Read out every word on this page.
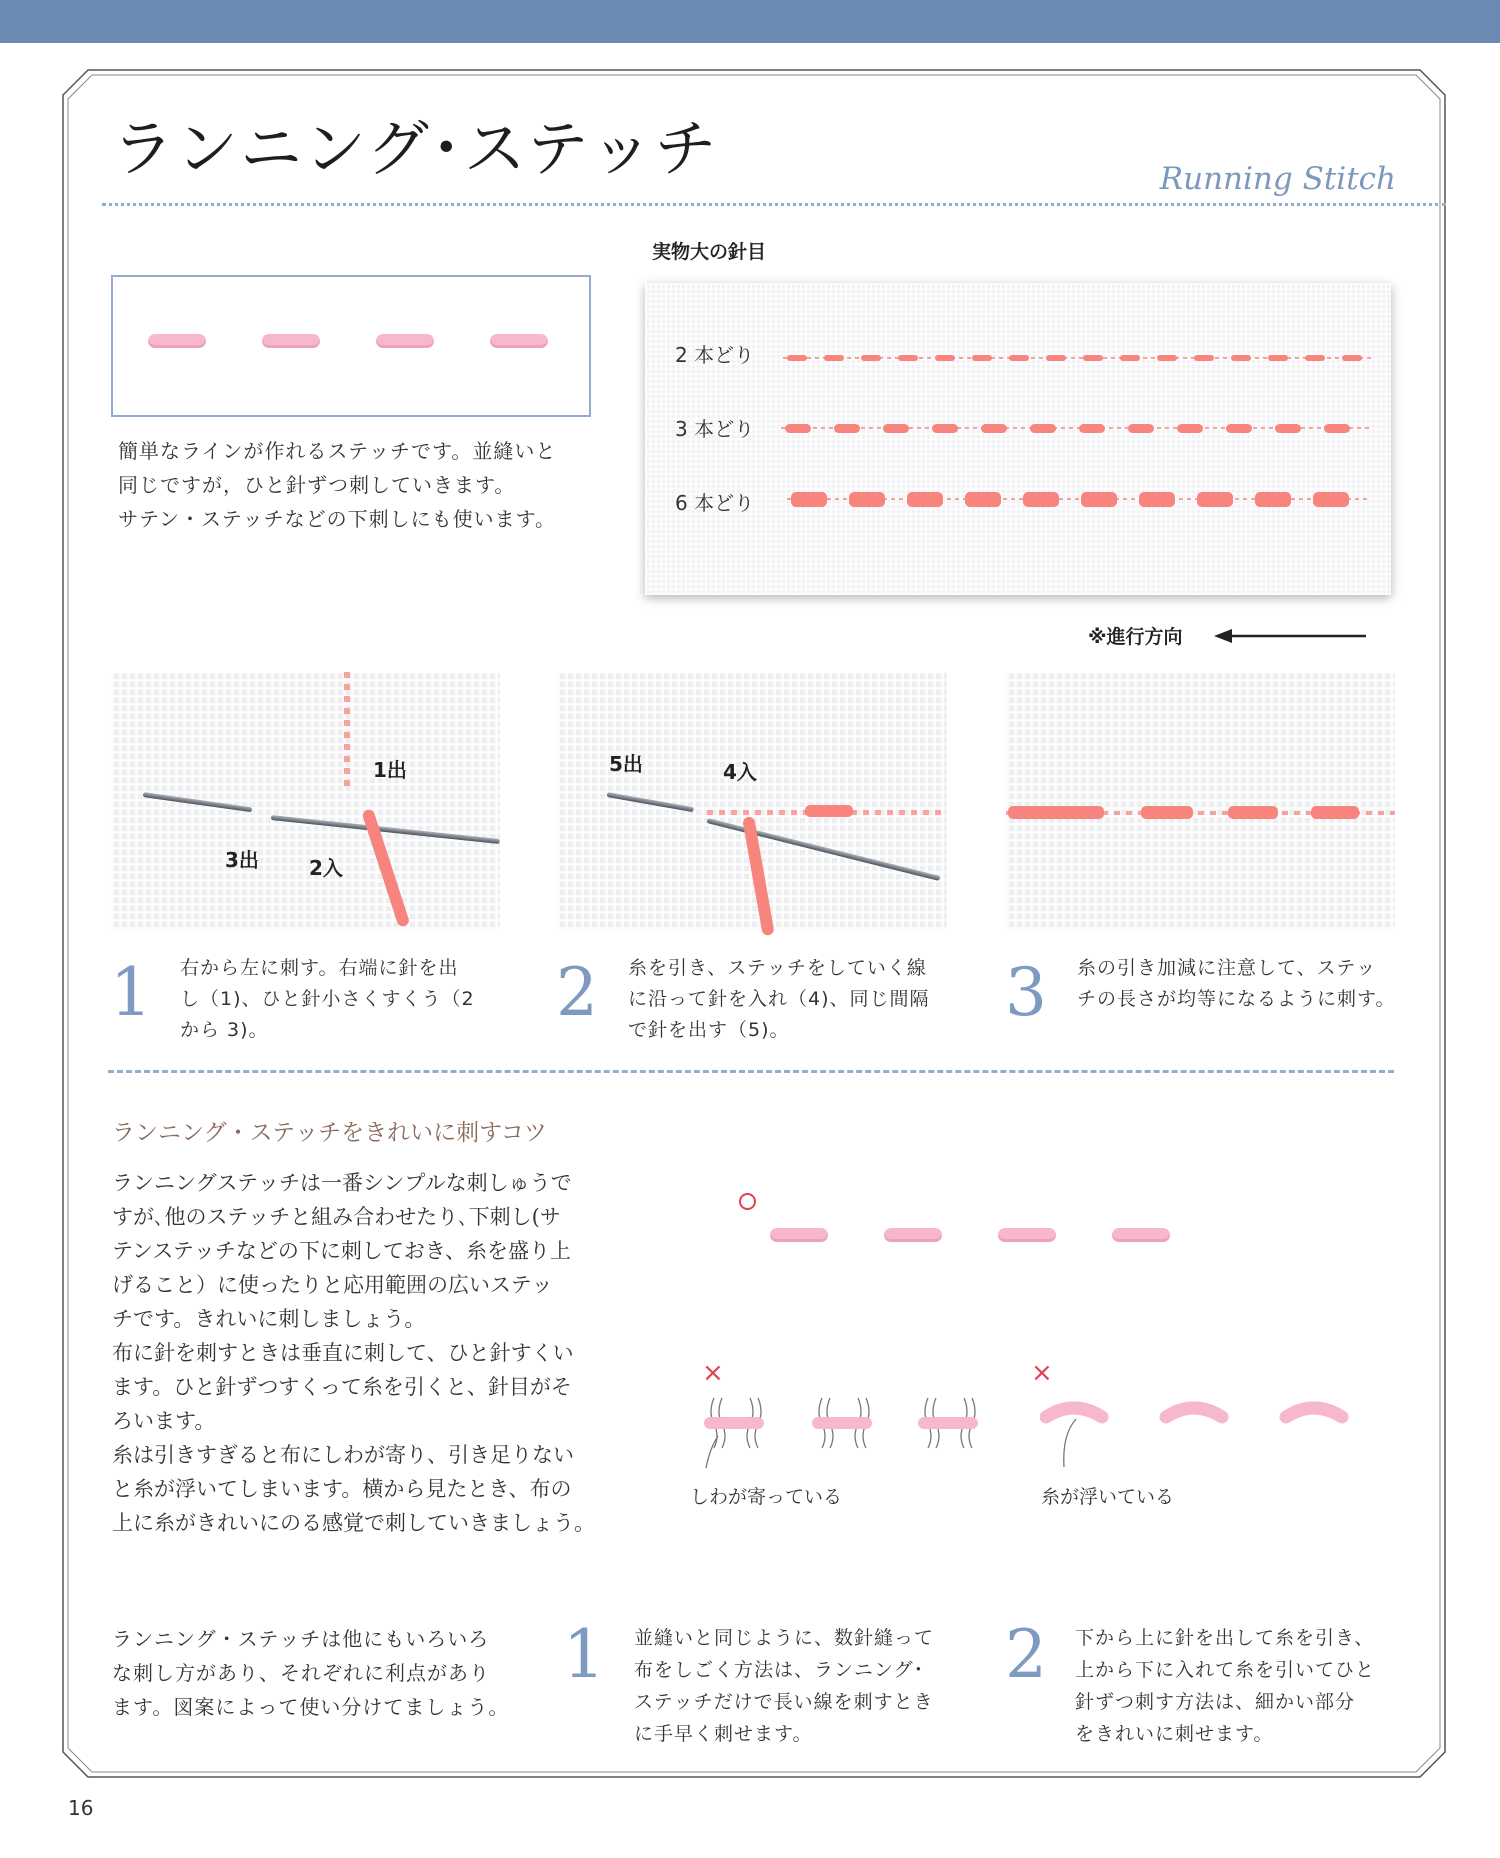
ランニング･ステッチ	Running Stitch
簡単なラインが作れるステッチです。並縫いと
同じですが，ひと針ずつ刺していきます。
サテン・ステッチなどの下刺しにも使います。
実物大の針目
2 本どり
3 本どり
6 本どり
※進行方向
1出
3出	2入
5出	4入
1 右から左に刺す。右端に針を出
し（1)、ひと針小さくすくう（2
から 3)。	2 糸を引き、ステッチをしていく線
に沿って針を入れ（4)、同じ間隔
で針を出す（5)。	3 糸の引き加減に注意して、ステッ
チの長さが均等になるように刺す。
ランニング・ステッチをきれいに刺すコツ
ランニングステッチは一番シンプルな刺しゅうで
すが､他のステッチと組み合わせたり､下刺し(サ
テンステッチなどの下に刺しておき、糸を盛り上
げること）に使ったりと応用範囲の広いステッ
チです。きれいに刺しましょう。
布に針を刺すときは垂直に刺して、ひと針すくい
ます。ひと針ずつすくって糸を引くと、針目がそ
ろいます。
糸は引きすぎると布にしわが寄り、引き足りない
と糸が浮いてしまいます。横から見たとき、布の
上に糸がきれいにのる感覚で刺していきましょう。
×
しわが寄っている
×
糸が浮いている
ランニング・ステッチは他にもいろいろ
な刺し方があり、それぞれに利点があり
ます。図案によって使い分けてましょう。
1 並縫いと同じように、数針縫って
布をしごく方法は、ランニング･
ステッチだけで長い線を刺すとき
に手早く刺せます。
2 下から上に針を出して糸を引き、
上から下に入れて糸を引いてひと
針ずつ刺す方法は、細かい部分
をきれいに刺せます。
16
